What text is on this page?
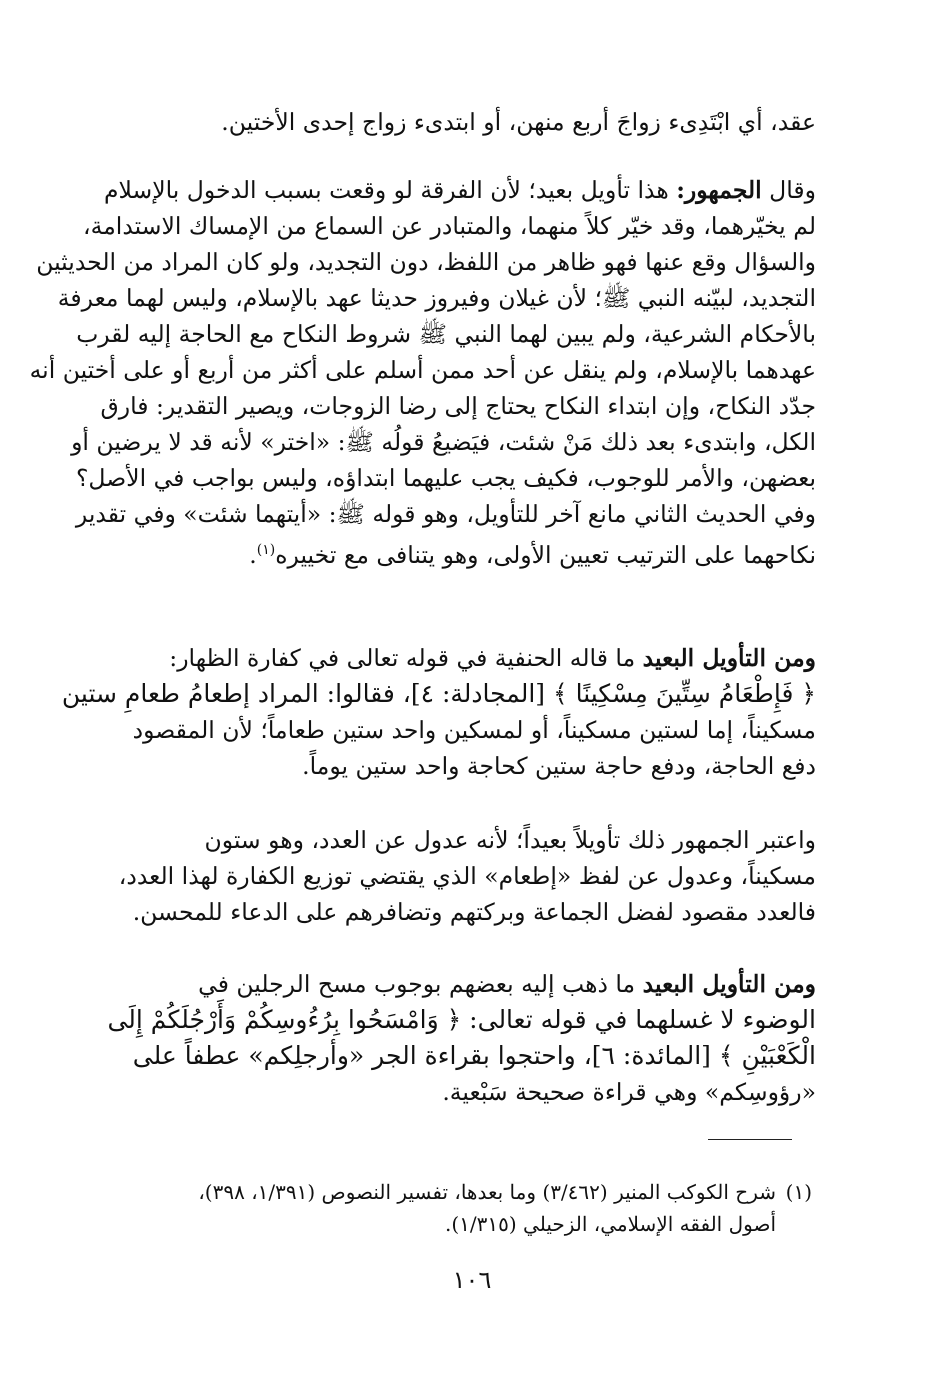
عقد، أي ابْتَدِىء زواجَ أربع منهن، أو ابتدىء زواج إحدى الأختين.
وقال الجمهور: هذا تأويل بعيد؛ لأن الفرقة لو وقعت بسبب الدخول بالإسلام
لم يخيّرهما، وقد خيّر كلاً منهما، والمتبادر عن السماع من الإمساك الاستدامة،
والسؤال وقع عنها فهو ظاهر من اللفظ، دون التجديد، ولو كان المراد من الحديثين
التجديد، لبيّنه النبي ﷺ؛ لأن غيلان وفيروز حديثا عهد بالإسلام، وليس لهما معرفة
بالأحكام الشرعية، ولم يبين لهما النبي ﷺ شروط النكاح مع الحاجة إليه لقرب
عهدهما بالإسلام، ولم ينقل عن أحد ممن أسلم على أكثر من أربع أو على أختين أنه
جدّد النكاح، وإن ابتداء النكاح يحتاج إلى رضا الزوجات، ويصير التقدير: فارق
الكل، وابتدىء بعد ذلك مَنْ شئت، فيَضيعُ قولُه ﷺ: «اختر» لأنه قد لا يرضين أو
بعضهن، والأمر للوجوب، فكيف يجب عليهما ابتداؤه، وليس بواجب في الأصل؟
وفي الحديث الثاني مانع آخر للتأويل، وهو قوله ﷺ: «أيتهما شئت» وفي تقدير
نكاحهما على الترتيب تعيين الأولى، وهو يتنافى مع تخييره$^{(١)}$.
ومن التأويل البعيد ما قاله الحنفية في قوله تعالى في كفارة الظهار:
﴿ فَإِطْعَامُ سِتِّينَ مِسْكِينًا ﴾ [المجادلة: ٤]، فقالوا: المراد إطعامُ طعامِ ستين
مسكيناً، إما لستين مسكيناً، أو لمسكين واحد ستين طعاماً؛ لأن المقصود
دفع الحاجة، ودفع حاجة ستين كحاجة واحد ستين يوماً.
واعتبر الجمهور ذلك تأويلاً بعيداً؛ لأنه عدول عن العدد، وهو ستون
مسكيناً، وعدول عن لفظ «إطعام» الذي يقتضي توزيع الكفارة لهذا العدد،
فالعدد مقصود لفضل الجماعة وبركتهم وتضافرهم على الدعاء للمحسن.
ومن التأويل البعيد ما ذهب إليه بعضهم بوجوب مسح الرجلين في
الوضوء لا غسلهما في قوله تعالى: ﴿ وَامْسَحُوا بِرُءُوسِكُمْ وَأَرْجُلَكُمْ إِلَى
الْكَعْبَيْنِ ﴾ [المائدة: ٦]، واحتجوا بقراءة الجر «وأرجلِكم» عطفاً على
«رؤوسِكم» وهي قراءة صحيحة سَبْعية.
(١)شرح الكوكب المنير (٣/٤٦٢) وما بعدها، تفسير النصوص (١/٣٩١، ٣٩٨)،
أصول الفقه الإسلامي، الزحيلي (١/٣١٥).
١٠٦
